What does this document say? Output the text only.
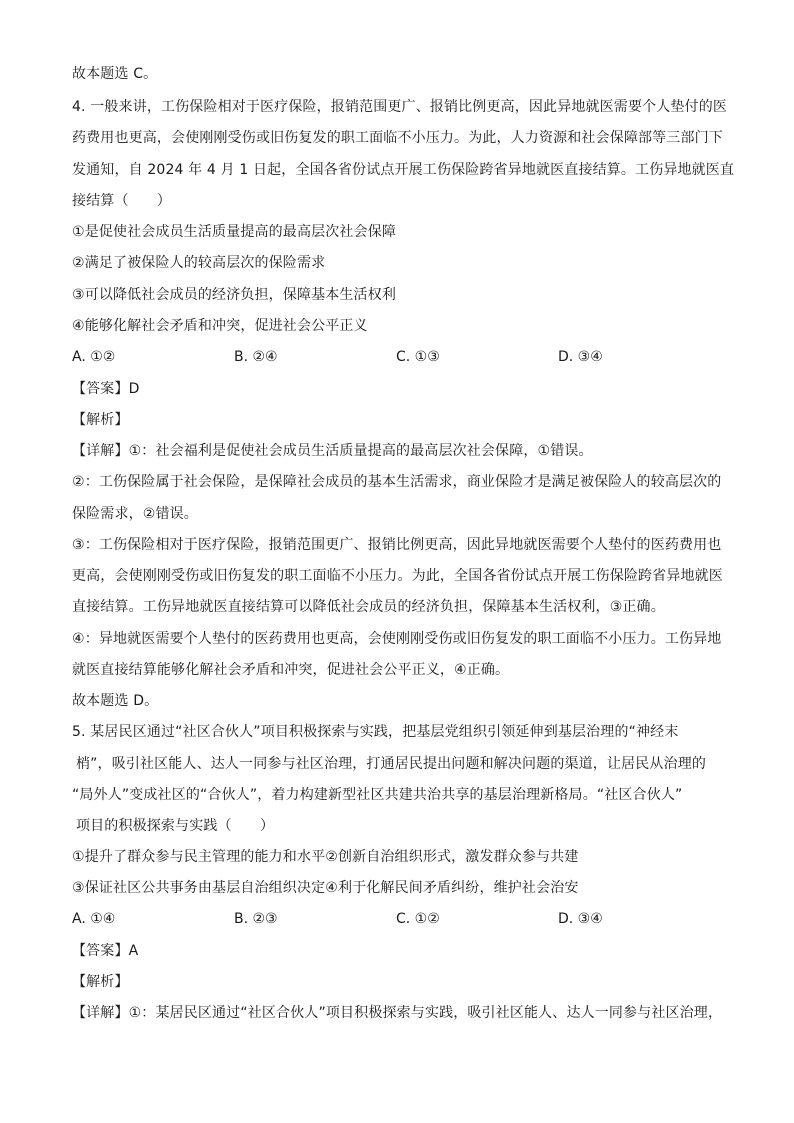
故本题选 C。
4. 一般来讲，工伤保险相对于医疗保险，报销范围更广、报销比例更高，因此异地就医需要个人垫付的医
药费用也更高，会使刚刚受伤或旧伤复发的职工面临不小压力。为此，人力资源和社会保障部等三部门下
发通知，自 2024 年 4 月 1 日起，全国各省份试点开展工伤保险跨省异地就医直接结算。工伤异地就医直
接结算（　　）
①是促使社会成员生活质量提高的最高层次社会保障
②满足了被保险人的较高层次的保险需求
③可以降低社会成员的经济负担，保障基本生活权利
④能够化解社会矛盾和冲突，促进社会公平正义
A. ①②	B. ②④	C. ①③	D. ③④
【答案】D
【解析】
【详解】①：社会福利是促使社会成员生活质量提高的最高层次社会保障，①错误。
②：工伤保险属于社会保险，是保障社会成员的基本生活需求，商业保险才是满足被保险人的较高层次的
保险需求，②错误。
③：工伤保险相对于医疗保险，报销范围更广、报销比例更高，因此异地就医需要个人垫付的医药费用也
更高，会使刚刚受伤或旧伤复发的职工面临不小压力。为此，全国各省份试点开展工伤保险跨省异地就医
直接结算。工伤异地就医直接结算可以降低社会成员的经济负担，保障基本生活权利，③正确。
④：异地就医需要个人垫付的医药费用也更高，会使刚刚受伤或旧伤复发的职工面临不小压力。工伤异地
就医直接结算能够化解社会矛盾和冲突，促进社会公平正义，④正确。
故本题选 D。
5. 某居民区通过“社区合伙人”项目积极探索与实践，把基层党组织引领延伸到基层治理的“神经末
梢”，吸引社区能人、达人一同参与社区治理，打通居民提出问题和解决问题的渠道，让居民从治理的
“局外人”变成社区的“合伙人”，着力构建新型社区共建共治共享的基层治理新格局。“社区合伙人”
项目的积极探索与实践（　　）
①提升了群众参与民主管理的能力和水平②创新自治组织形式，激发群众参与共建
③保证社区公共事务由基层自治组织决定④利于化解民间矛盾纠纷，维护社会治安
A. ①④	B. ②③	C. ①②	D. ③④
【答案】A
【解析】
【详解】①：某居民区通过“社区合伙人”项目积极探索与实践，吸引社区能人、达人一同参与社区治理，
